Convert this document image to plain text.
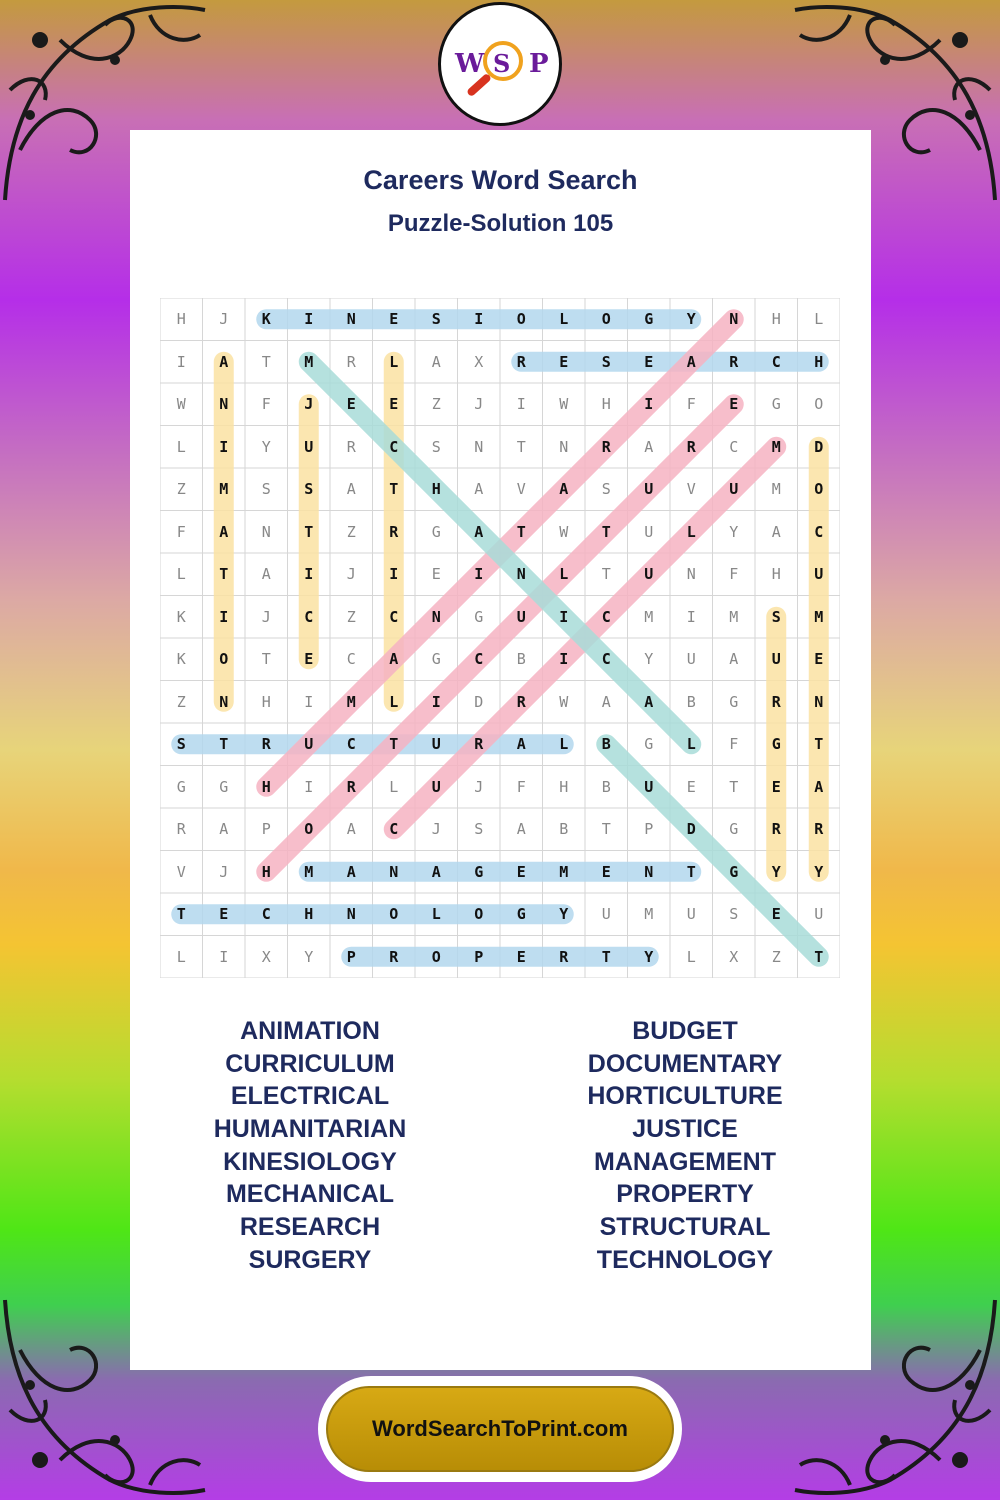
W S P
Careers Word Search
Puzzle-Solution 105
H	J	K	I	N	E	S	I	O	L	O	G	Y	N	H	L
I	A	T	M	R	L	A	X	R	E	S	E	A	R	C	H
W	N	F	J	E	E	Z	J	I	W	H	I	F	E	G	O
L	I	Y	U	R	C	S	N	T	N	R	A	R	C	M	D
Z	M	S	S	A	T	H	A	V	A	S	U	V	U	M	O
F	A	N	T	Z	R	G	A	T	W	T	U	L	Y	A	C
L	T	A	I	J	I	E	I	N	L	T	U	N	F	H	U
K	I	J	C	Z	C	N	G	U	I	C	M	I	M	S	M
K	O	T	E	C	A	G	C	B	I	C	Y	U	A	U	E
Z	N	H	I	M	L	I	D	R	W	A	A	B	G	R	N
S	T	R	U	C	T	U	R	A	L	B	G	L	F	G	T
G	G	H	I	R	L	U	J	F	H	B	U	E	T	E	A
R	A	P	O	A	C	J	S	A	B	T	P	D	G	R	R
V	J	H	M	A	N	A	G	E	M	E	N	T	G	Y	Y
T	E	C	H	N	O	L	O	G	Y	U	M	U	S	E	U
L	I	X	Y	P	R	O	P	E	R	T	Y	L	X	Z	T
ANIMATION
CURRICULUM
ELECTRICAL
HUMANITARIAN
KINESIOLOGY
MECHANICAL
RESEARCH
SURGERY
BUDGET
DOCUMENTARY
HORTICULTURE
JUSTICE
MANAGEMENT
PROPERTY
STRUCTURAL
TECHNOLOGY
WordSearchToPrint.com
